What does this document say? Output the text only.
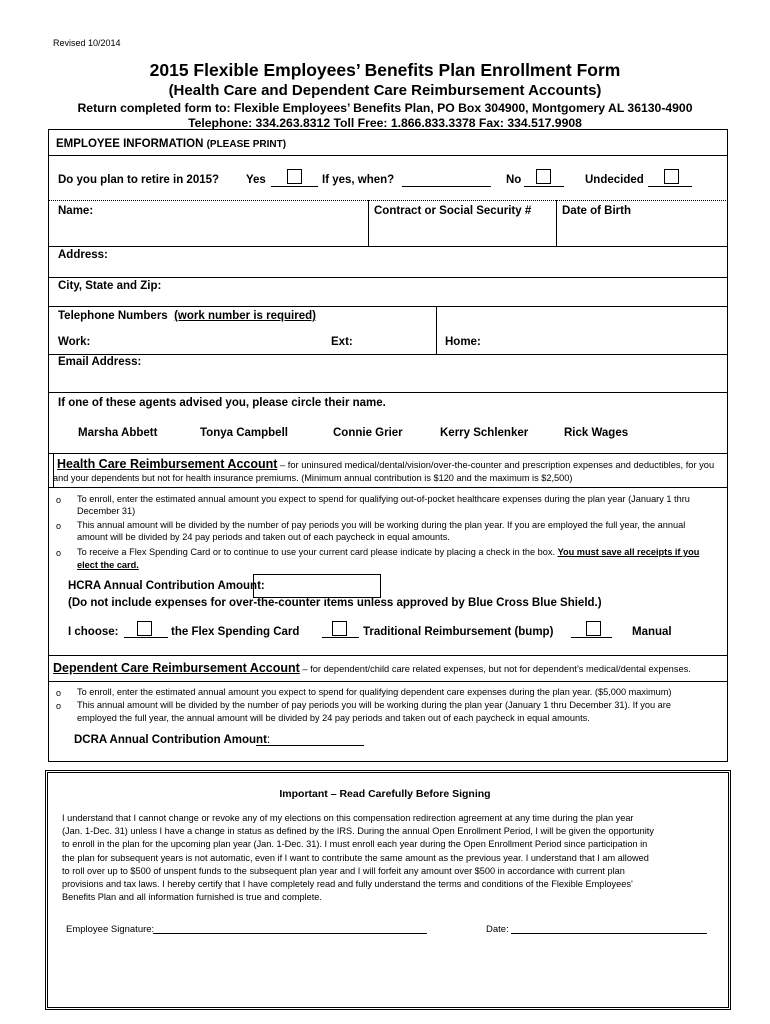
Revised 10/2014
2015 Flexible Employees’ Benefits Plan Enrollment Form
(Health Care and Dependent Care Reimbursement Accounts)
Return completed form to: Flexible Employees’ Benefits Plan, PO Box 304900, Montgomery AL 36130-4900
Telephone: 334.263.8312 Toll Free: 1.866.833.3378 Fax: 334.517.9908
EMPLOYEE INFORMATION (PLEASE PRINT)
Do you plan to retire in 2015? Yes	If yes, when?	No	Undecided
Name:	Contract or Social Security #	Date of Birth
Address:
City, State and Zip:
Telephone Numbers (work number is required)
Work:	Ext:	Home:
Email Address:
If one of these agents advised you, please circle their name.
Marsha Abbett	Tonya Campbell	Connie Grier	Kerry Schlenker	Rick Wages
Health Care Reimbursement Account – for uninsured medical/dental/vision/over-the-counter and prescription expenses and deductibles, for you
and your dependents but not for health insurance premiums. (Minimum annual contribution is $120 and the maximum is $2,500)
o To enroll, enter the estimated annual amount you expect to spend for qualifying out-of-pocket healthcare expenses during the plan year (January 1 thru
December 31)
o This annual amount will be divided by the number of pay periods you will be working during the plan year. If you are employed the full year, the annual
amount will be divided by 24 pay periods and taken out of each paycheck in equal amounts.
o To receive a Flex Spending Card or to continue to use your current card please indicate by placing a check in the box. You must save all receipts if you
elect the card.
HCRA Annual Contribution Amount:
(Do not include expenses for over-the-counter items unless approved by Blue Cross Blue Shield.)
I choose:	the Flex Spending Card	Traditional Reimbursement (bump)	Manual
Dependent Care Reimbursement Account – for dependent/child care related expenses, but not for dependent’s medical/dental expenses.
o To enroll, enter the estimated annual amount you expect to spend for qualifying dependent care expenses during the plan year. ($5,000 maximum)
o This annual amount will be divided by the number of pay periods you will be working during the plan year (January 1 thru December 31). If you are
employed the full year, the annual amount will be divided by 24 pay periods and taken out of each paycheck in equal amounts.
DCRA Annual Contribution Amount:
Important – Read Carefully Before Signing
I understand that I cannot change or revoke any of my elections on this compensation redirection agreement at any time during the plan year
(Jan. 1-Dec. 31) unless I have a change in status as defined by the IRS. During the annual Open Enrollment Period, I will be given the opportunity
to enroll in the plan for the upcoming plan year (Jan. 1-Dec. 31). I must enroll each year during the Open Enrollment Period since participation in
the plan for subsequent years is not automatic, even if I want to contribute the same amount as the previous year. I understand that I am allowed
to roll over up to $500 of unspent funds to the subsequent plan year and I will forfeit any amount over $500 in accordance with current plan
provisions and tax laws. I hereby certify that I have completely read and fully understand the terms and conditions of the Flexible Employees’
Benefits Plan and all information furnished is true and complete.
Employee Signature:	Date:
